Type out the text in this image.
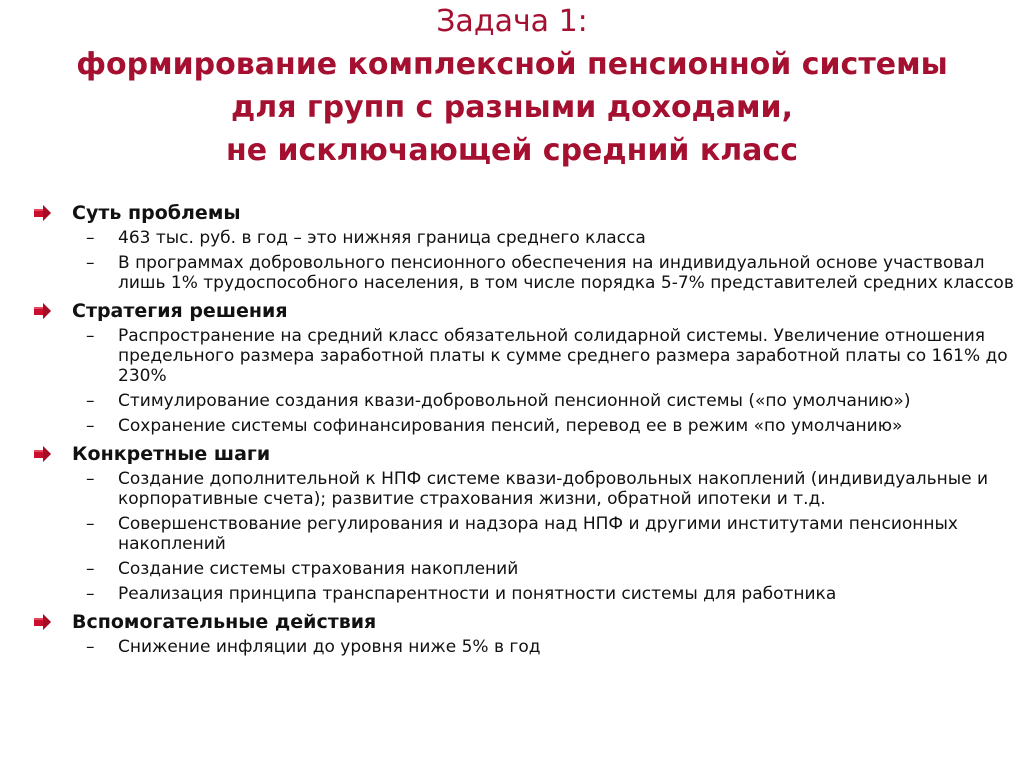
Задача 1:
формирование комплексной пенсионной системы
для групп с разными доходами,
не исключающей средний класс
Суть проблемы
– 463 тыс. руб. в год – это нижняя граница среднего класса
– В программах добровольного пенсионного обеспечения на индивидуальной основе участвовал лишь 1% трудоспособного населения, в том числе порядка 5-7% представителей средних классов
Стратегия решения
– Распространение на средний класс обязательной солидарной системы. Увеличение отношения предельного размера заработной платы к сумме среднего размера заработной платы со 161% до 230%
– Стимулирование создания квази-добровольной пенсионной системы («по умолчанию»)
– Сохранение системы софинансирования пенсий, перевод ее в режим «по умолчанию»
Конкретные шаги
– Создание дополнительной к НПФ системе квази-добровольных накоплений (индивидуальные и корпоративные счета); развитие страхования жизни, обратной ипотеки и т.д.
– Совершенствование регулирования и надзора над НПФ и другими институтами пенсионных накоплений
– Создание системы страхования накоплений
– Реализация принципа транспарентности и понятности системы для работника
Вспомогательные действия
– Снижение инфляции до уровня ниже 5% в год
